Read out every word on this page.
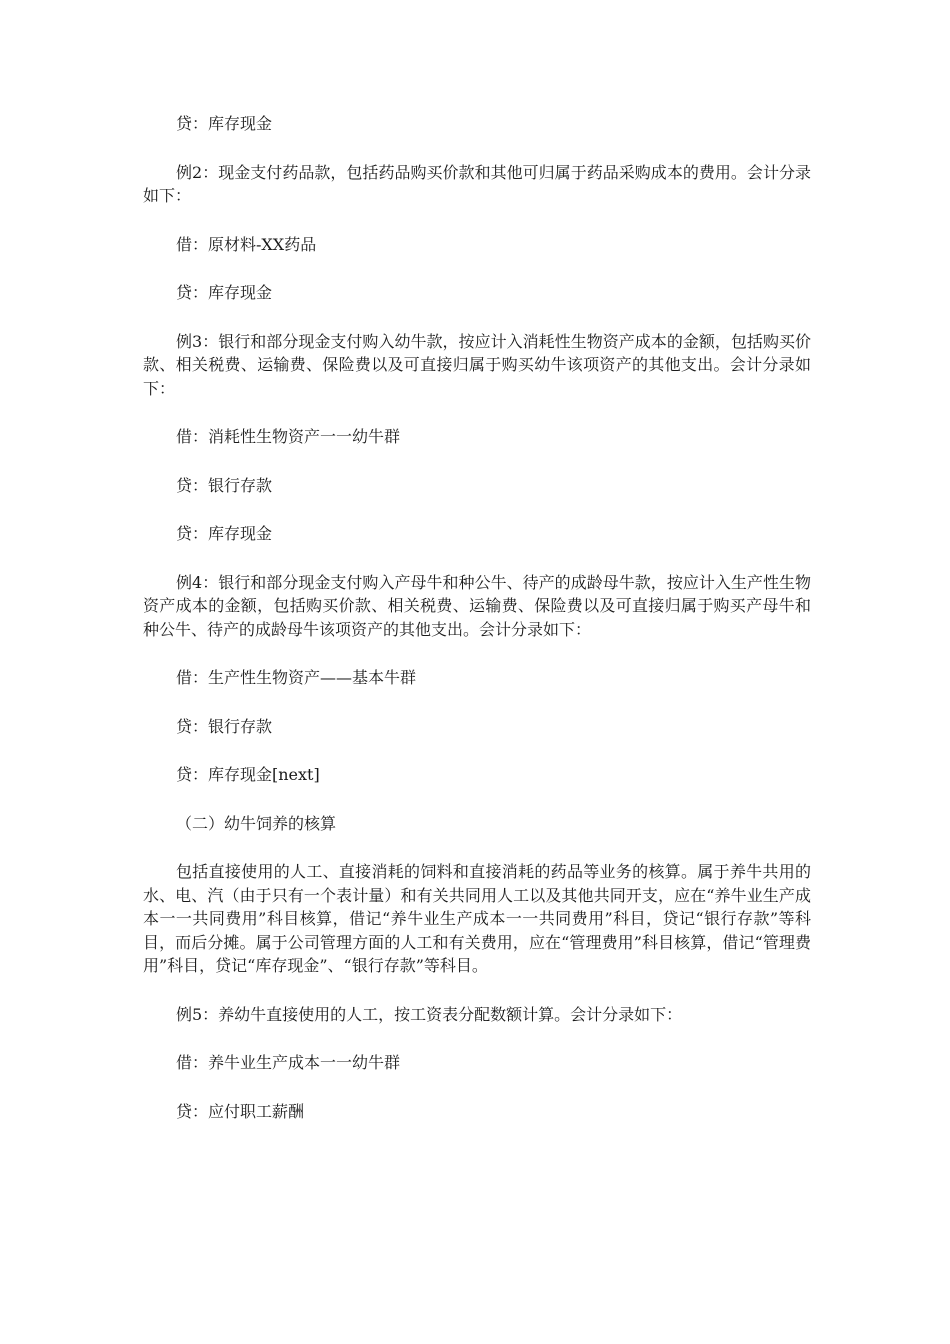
贷：库存现金

例2：现金支付药品款，包括药品购买价款和其他可归属于药品采购成本的费用。会计分录如下：

借：原材料-XX药品

贷：库存现金

例3：银行和部分现金支付购入幼牛款，按应计入消耗性生物资产成本的金额，包括购买价款、相关税费、运输费、保险费以及可直接归属于购买幼牛该项资产的其他支出。会计分录如下：

借：消耗性生物资产一一幼牛群

贷：银行存款

贷：库存现金

例4：银行和部分现金支付购入产母牛和种公牛、待产的成龄母牛款，按应计入生产性生物资产成本的金额，包括购买价款、相关税费、运输费、保险费以及可直接归属于购买产母牛和种公牛、待产的成龄母牛该项资产的其他支出。会计分录如下：

借：生产性生物资产——基本牛群

贷：银行存款

贷：库存现金[next]

（二）幼牛饲养的核算

包括直接使用的人工、直接消耗的饲料和直接消耗的药品等业务的核算。属于养牛共用的水、电、汽（由于只有一个表计量）和有关共同用人工以及其他共同开支，应在“养牛业生产成本一一共同费用”科目核算，借记“养牛业生产成本一一共同费用”科目，贷记“银行存款”等科目，而后分摊。属于公司管理方面的人工和有关费用，应在“管理费用”科目核算，借记“管理费用”科目，贷记“库存现金”、“银行存款”等科目。

例5：养幼牛直接使用的人工，按工资表分配数额计算。会计分录如下：

借：养牛业生产成本一一幼牛群

贷：应付职工薪酬
